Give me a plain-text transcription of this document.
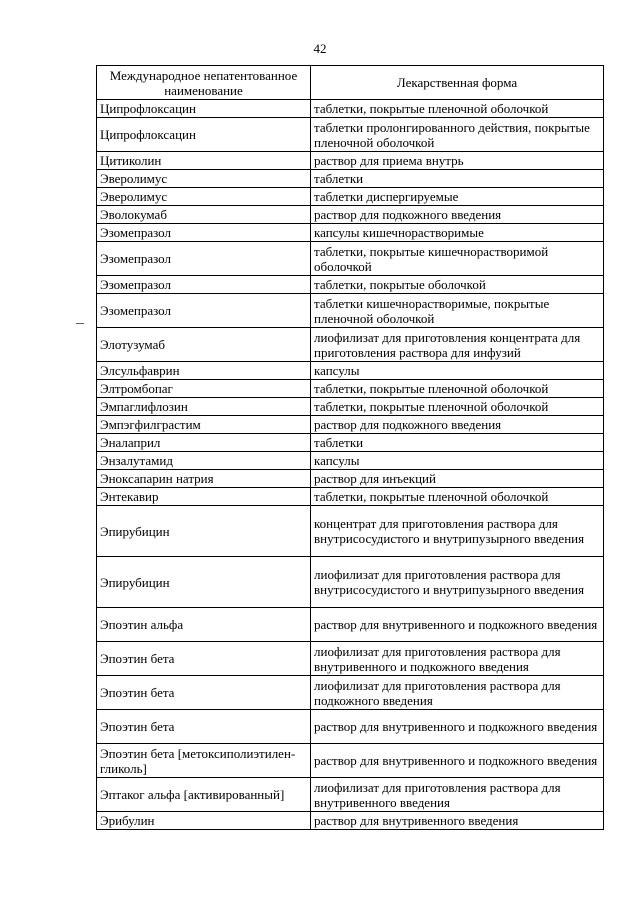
42
Международное непатентованное наименование	Лекарственная форма
Ципрофлоксацин	таблетки, покрытые пленочной оболочкой
Ципрофлоксацин	таблетки пролонгированного действия, покрытые пленочной оболочкой
Цитиколин	раствор для приема внутрь
Эверолимус	таблетки
Эверолимус	таблетки диспергируемые
Эволокумаб	раствор для подкожного введения
Эзомепразол	капсулы кишечнорастворимые
Эзомепразол	таблетки, покрытые кишечнорастворимой оболочкой
Эзомепразол	таблетки, покрытые оболочкой
Эзомепразол	таблетки кишечнорастворимые, покрытые пленочной оболочкой
Элотузумаб	лиофилизат для приготовления концентрата для приготовления раствора для инфузий
Элсульфаврин	капсулы
Элтромбопаг	таблетки, покрытые пленочной оболочкой
Эмпаглифлозин	таблетки, покрытые пленочной оболочкой
Эмпэгфилграстим	раствор для подкожного введения
Эналаприл	таблетки
Энзалутамид	капсулы
Эноксапарин натрия	раствор для инъекций
Энтекавир	таблетки, покрытые пленочной оболочкой
Эпирубицин	концентрат для приготовления раствора для внутрисосудистого и внутрипузырного введения
Эпирубицин	лиофилизат для приготовления раствора для внутрисосудистого и внутрипузырного введения
Эпоэтин альфа	раствор для внутривенного и подкожного введения
Эпоэтин бета	лиофилизат для приготовления раствора для внутривенного и подкожного введения
Эпоэтин бета	лиофилизат для приготовления раствора для подкожного введения
Эпоэтин бета	раствор для внутривенного и подкожного введения
Эпоэтин бета [метоксиполиэтилен-гликоль]	раствор для внутривенного и подкожного введения
Эптаког альфа [активированный]	лиофилизат для приготовления раствора для внутривенного введения
Эрибулин	раствор для внутривенного введения
